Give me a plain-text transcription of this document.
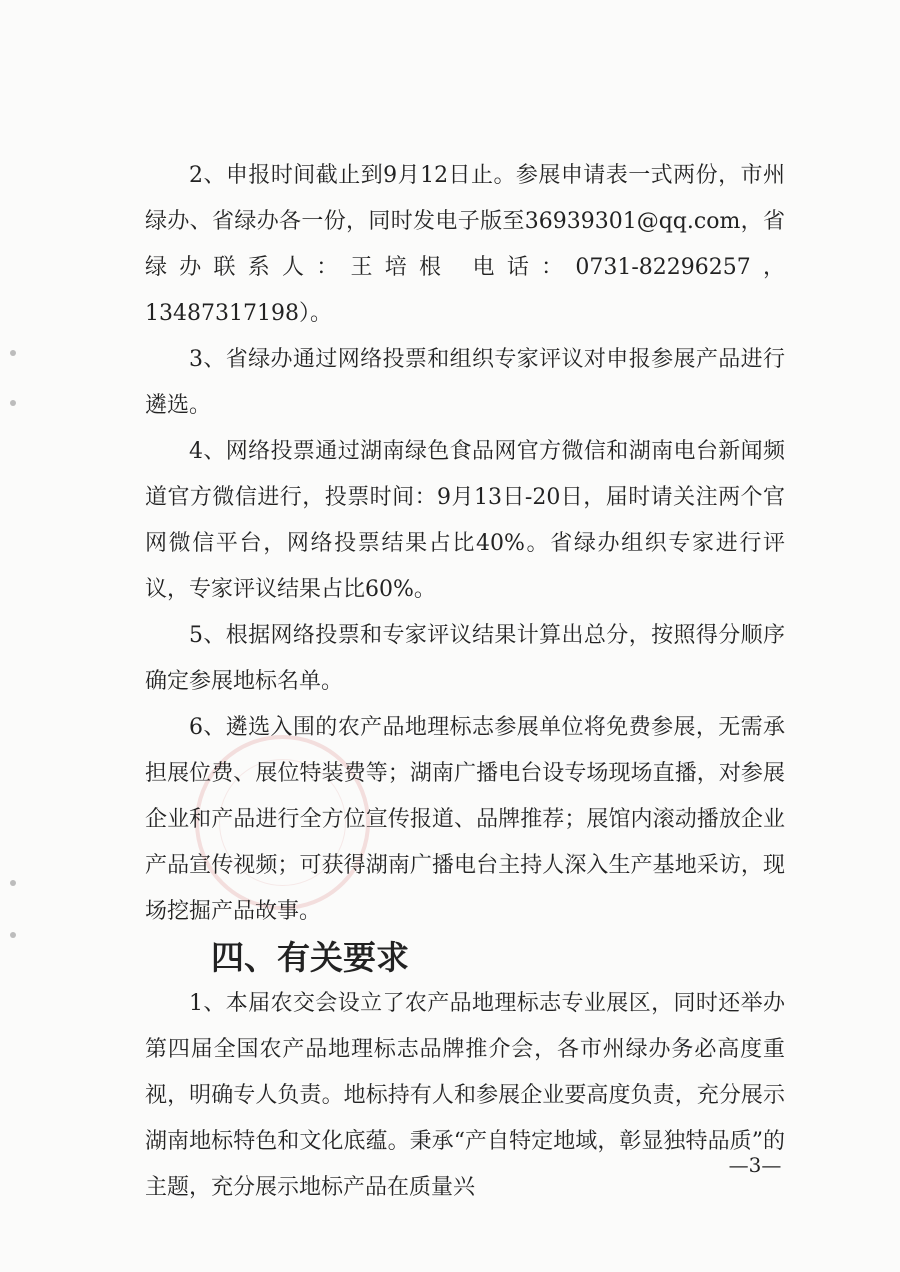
2、申报时间截止到9月12日止。参展申请表一式两份，市州绿办、省绿办各一份，同时发电子版至36939301@qq.com，省绿办联系人：王培根 电话：0731-82296257，13487317198）。

3、省绿办通过网络投票和组织专家评议对申报参展产品进行遴选。

4、网络投票通过湖南绿色食品网官方微信和湖南电台新闻频道官方微信进行，投票时间：9月13日-20日，届时请关注两个官网微信平台，网络投票结果占比40%。省绿办组织专家进行评议，专家评议结果占比60%。

5、根据网络投票和专家评议结果计算出总分，按照得分顺序确定参展地标名单。

6、遴选入围的农产品地理标志参展单位将免费参展，无需承担展位费、展位特装费等；湖南广播电台设专场现场直播，对参展企业和产品进行全方位宣传报道、品牌推荐；展馆内滚动播放企业产品宣传视频；可获得湖南广播电台主持人深入生产基地采访，现场挖掘产品故事。

四、有关要求

1、本届农交会设立了农产品地理标志专业展区，同时还举办第四届全国农产品地理标志品牌推介会，各市州绿办务必高度重视，明确专人负责。地标持有人和参展企业要高度负责，充分展示湖南地标特色和文化底蕴。秉承“产自特定地域，彰显独特品质”的主题，充分展示地标产品在质量兴

—3—
